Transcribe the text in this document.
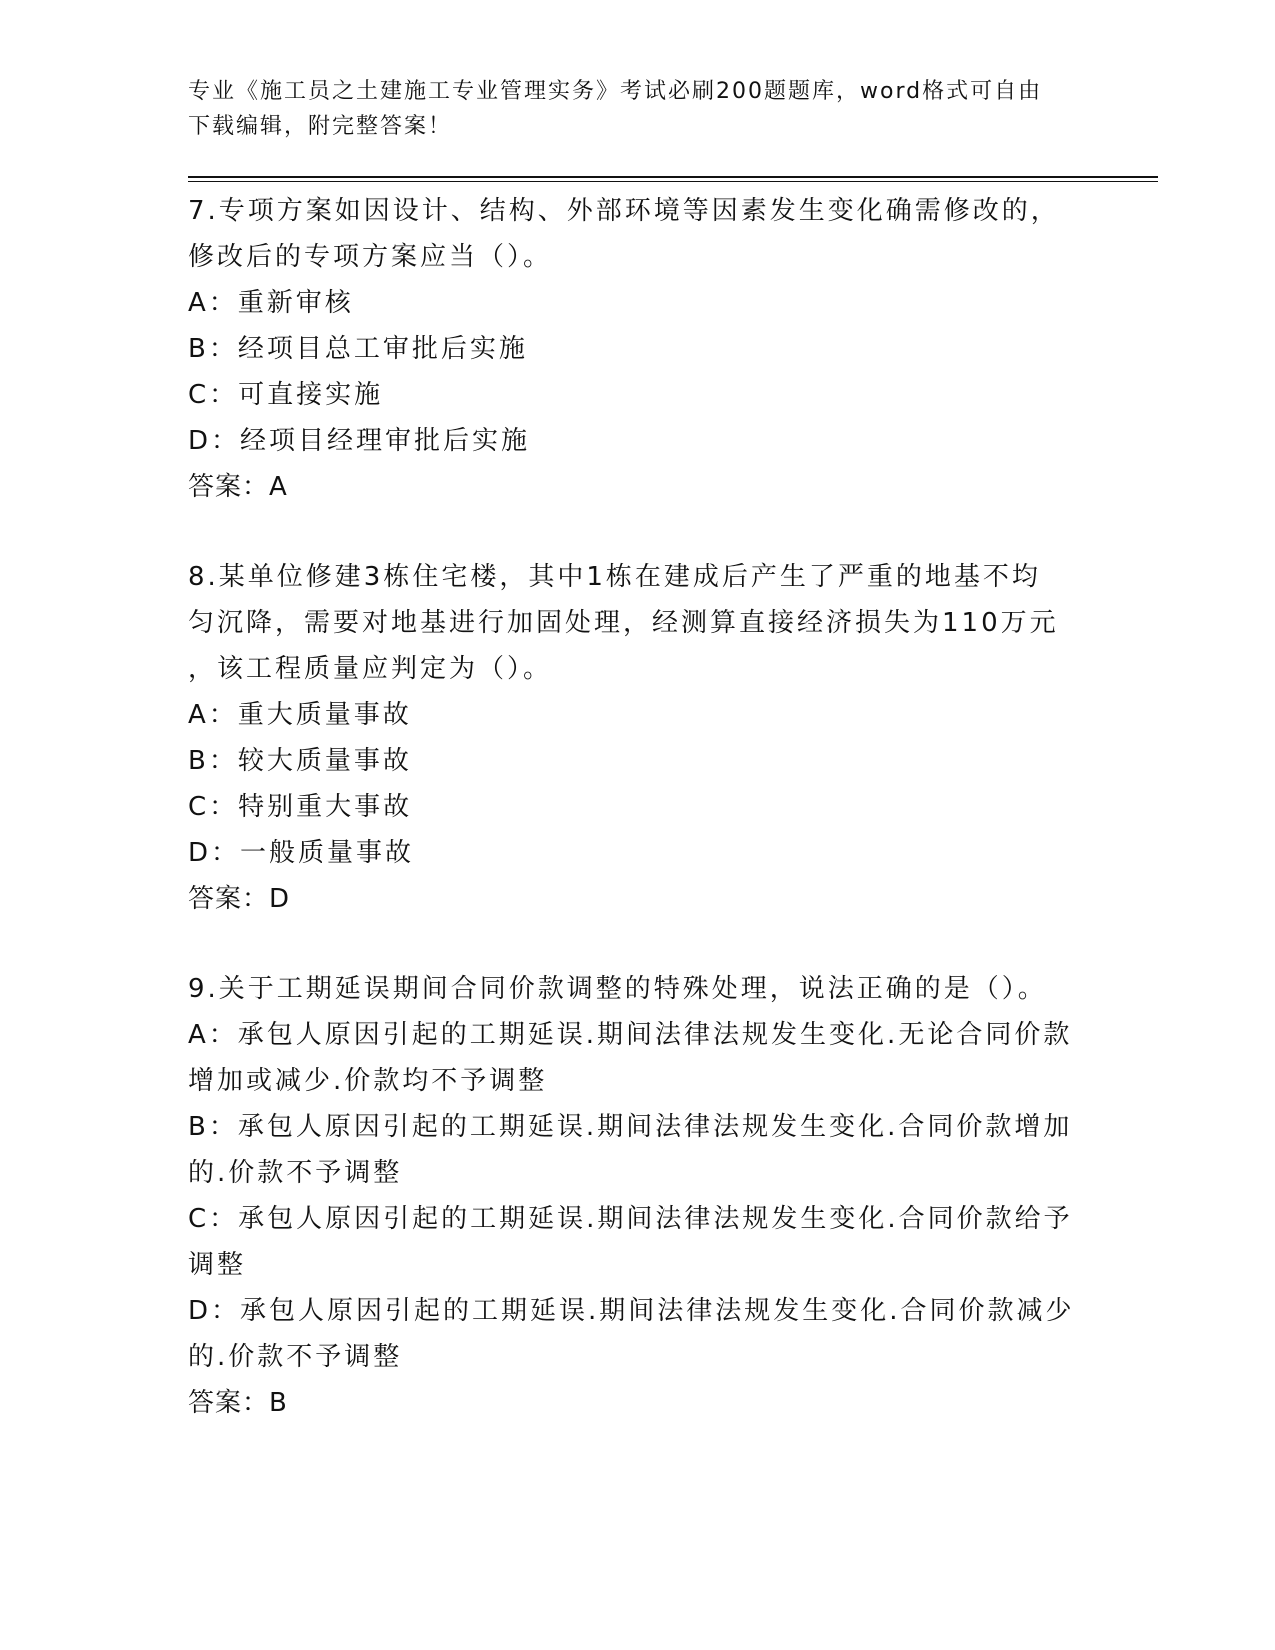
专业《施工员之土建施工专业管理实务》考试必刷200题题库，word格式可自由
下载编辑，附完整答案！
7.专项方案如因设计、结构、外部环境等因素发生变化确需修改的，
修改后的专项方案应当（）。
A：重新审核
B：经项目总工审批后实施
C：可直接实施
D：经项目经理审批后实施
答案：A
8.某单位修建3栋住宅楼，其中1栋在建成后产生了严重的地基不均
匀沉降，需要对地基进行加固处理，经测算直接经济损失为110万元
，该工程质量应判定为（）。
A：重大质量事故
B：较大质量事故
C：特别重大事故
D：一般质量事故
答案：D
9.关于工期延误期间合同价款调整的特殊处理，说法正确的是（）。
A：承包人原因引起的工期延误.期间法律法规发生变化.无论合同价款
增加或减少.价款均不予调整
B：承包人原因引起的工期延误.期间法律法规发生变化.合同价款增加
的.价款不予调整
C：承包人原因引起的工期延误.期间法律法规发生变化.合同价款给予
调整
D：承包人原因引起的工期延误.期间法律法规发生变化.合同价款减少
的.价款不予调整
答案：B
